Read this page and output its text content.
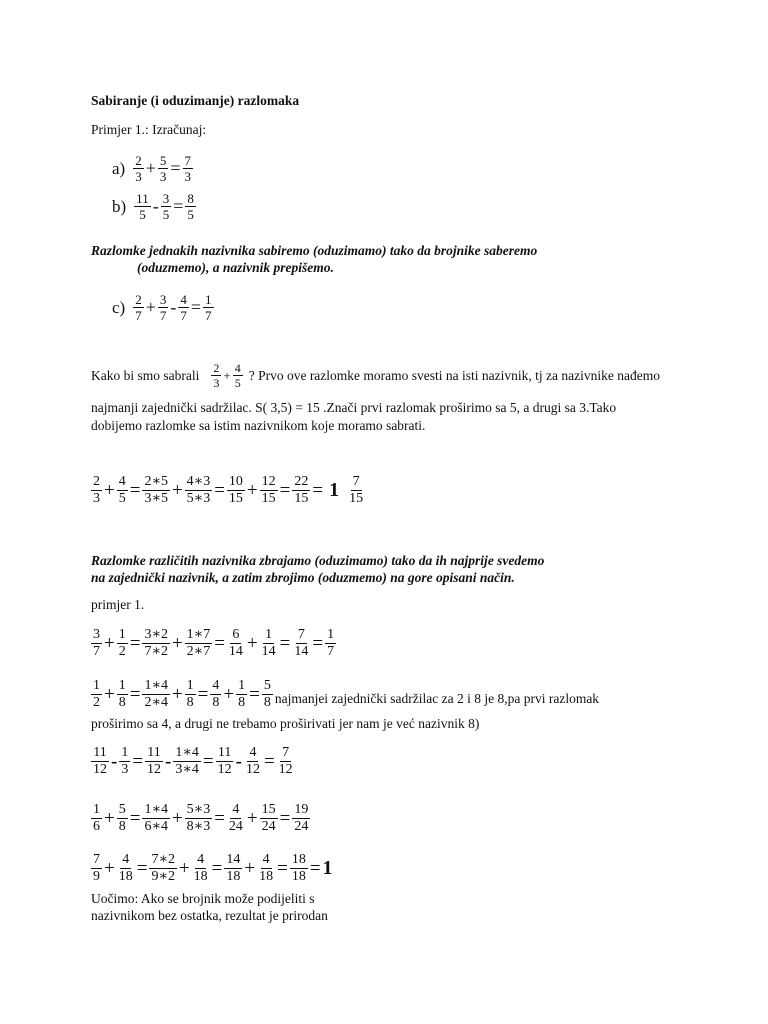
Sabiranje (i oduzimanje) razlomaka
Primjer 1.: Izračunaj:
a) 2
$3 + \frac{5}{3} = \frac{7}{3}$
b) 11
$5 - \frac{3}{5} = \frac{8}{5}$
Razlomke jednakih nazivnika sabiremo (oduzimamo) tako da brojnike saberemo
(oduzmemo), a nazivnik prepišemo.
c) 2
$7 + \frac{3}{7} - \frac{4}{7} = \frac{1}{7}$
Kako bi smo sabrali 2
3
+ $\frac{4}{5}$ ? Prvo ove razlomke moramo svesti na isti nazivnik, tj za nazivnike nađemo
najmanji zajednički sadržilac. S( 3,5) = 15 .Znači prvi razlomak proširimo sa 5, a drugi sa 3.Tako
dobijemo razlomke sa istim nazivnikom koje moramo sabrati.
2
$3 + \frac{4}{5} = \frac{2∗5}{3∗5} + \frac{4∗3}{5∗3} = \frac{10}{15} + \frac{12}{15} = \frac{22}{15} = 1$ 7
15
Razlomke različitih nazivnika zbrajamo (oduzimamo) tako da ih najprije svedemo
na zajednički nazivnik, a zatim zbrojimo (oduzmemo) na gore opisani način.
primjer 1.
3
$7 + \frac{1}{2} = \frac{3∗2}{7∗2} + \frac{1∗7}{2∗7} = \frac{6}{14} + \frac{1}{14} = \frac{7}{14} = \frac{1}{7}$
1
$2 + \frac{1}{8} = \frac{1∗4}{2∗4} + \frac{1}{8} = \frac{4}{8} + \frac{1}{8} = \frac{5}{8}$ najmanjei zajednički sadržilac za 2 i 8 je 8,pa prvi razlomak
proširimo sa 4, a drugi ne trebamo proširivati jer nam je već nazivnik 8)
11
$12 - \frac{1}{3} = \frac{11}{12} - \frac{1∗4}{3∗4} = \frac{11}{12} - \frac{4}{12} = \frac{7}{12}$
1
$6 + \frac{5}{8} = \frac{1∗4}{6∗4} + \frac{5∗3}{8∗3} = \frac{4}{24} + \frac{15}{24} = \frac{19}{24}$
7
$9 + \frac{4}{18} = \frac{7∗2}{9∗2} + \frac{4}{18} = \frac{14}{18} + \frac{4}{18} = \frac{18}{18} = 1$
Uočimo: Ako se brojnik može podijeliti s
nazivnikom bez ostatka, rezultat je prirodan
